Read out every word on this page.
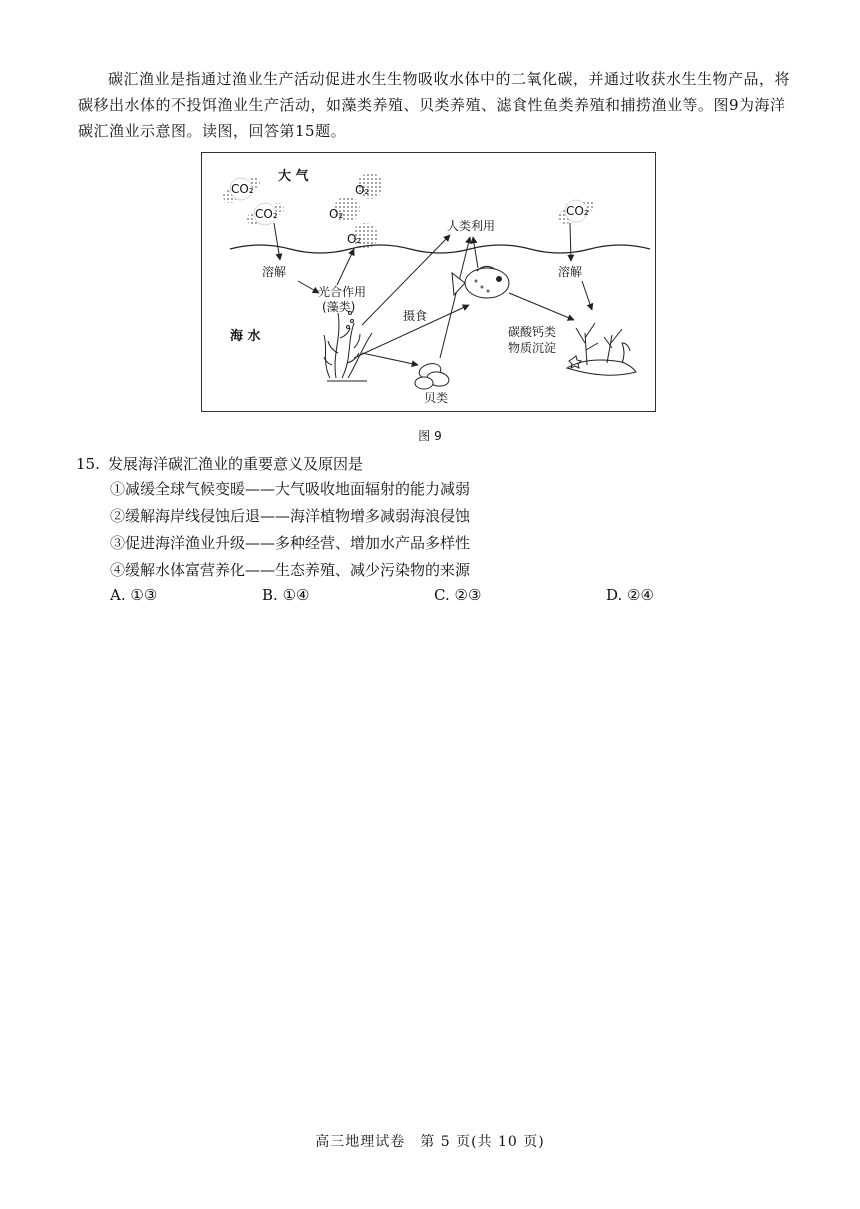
碳汇渔业是指通过渔业生产活动促进水生生物吸收水体中的二氧化碳，并通过收获水生生物产品，将碳移出水体的不投饵渔业生产活动，如藻类养殖、贝类养殖、滤食性鱼类养殖和捕捞渔业等。图9为海洋碳汇渔业示意图。读图，回答第15题。

CO₂
CO₂	CO₂
O₂
O₂
O₂
大 气
海 水
溶解	溶解
光合作用
(藻类)
人类利用
摄食
贝类
碳酸钙类
物质沉淀
图 9
15. 发展海洋碳汇渔业的重要意义及原因是
①减缓全球气候变暖——大气吸收地面辐射的能力减弱
②缓解海岸线侵蚀后退——海洋植物增多减弱海浪侵蚀
③促进海洋渔业升级——多种经营、增加水产品多样性
④缓解水体富营养化——生态养殖、减少污染物的来源
A. ①③	B. ①④	C. ②③	D. ②④
高三地理试卷　第 5 页(共 10 页)
